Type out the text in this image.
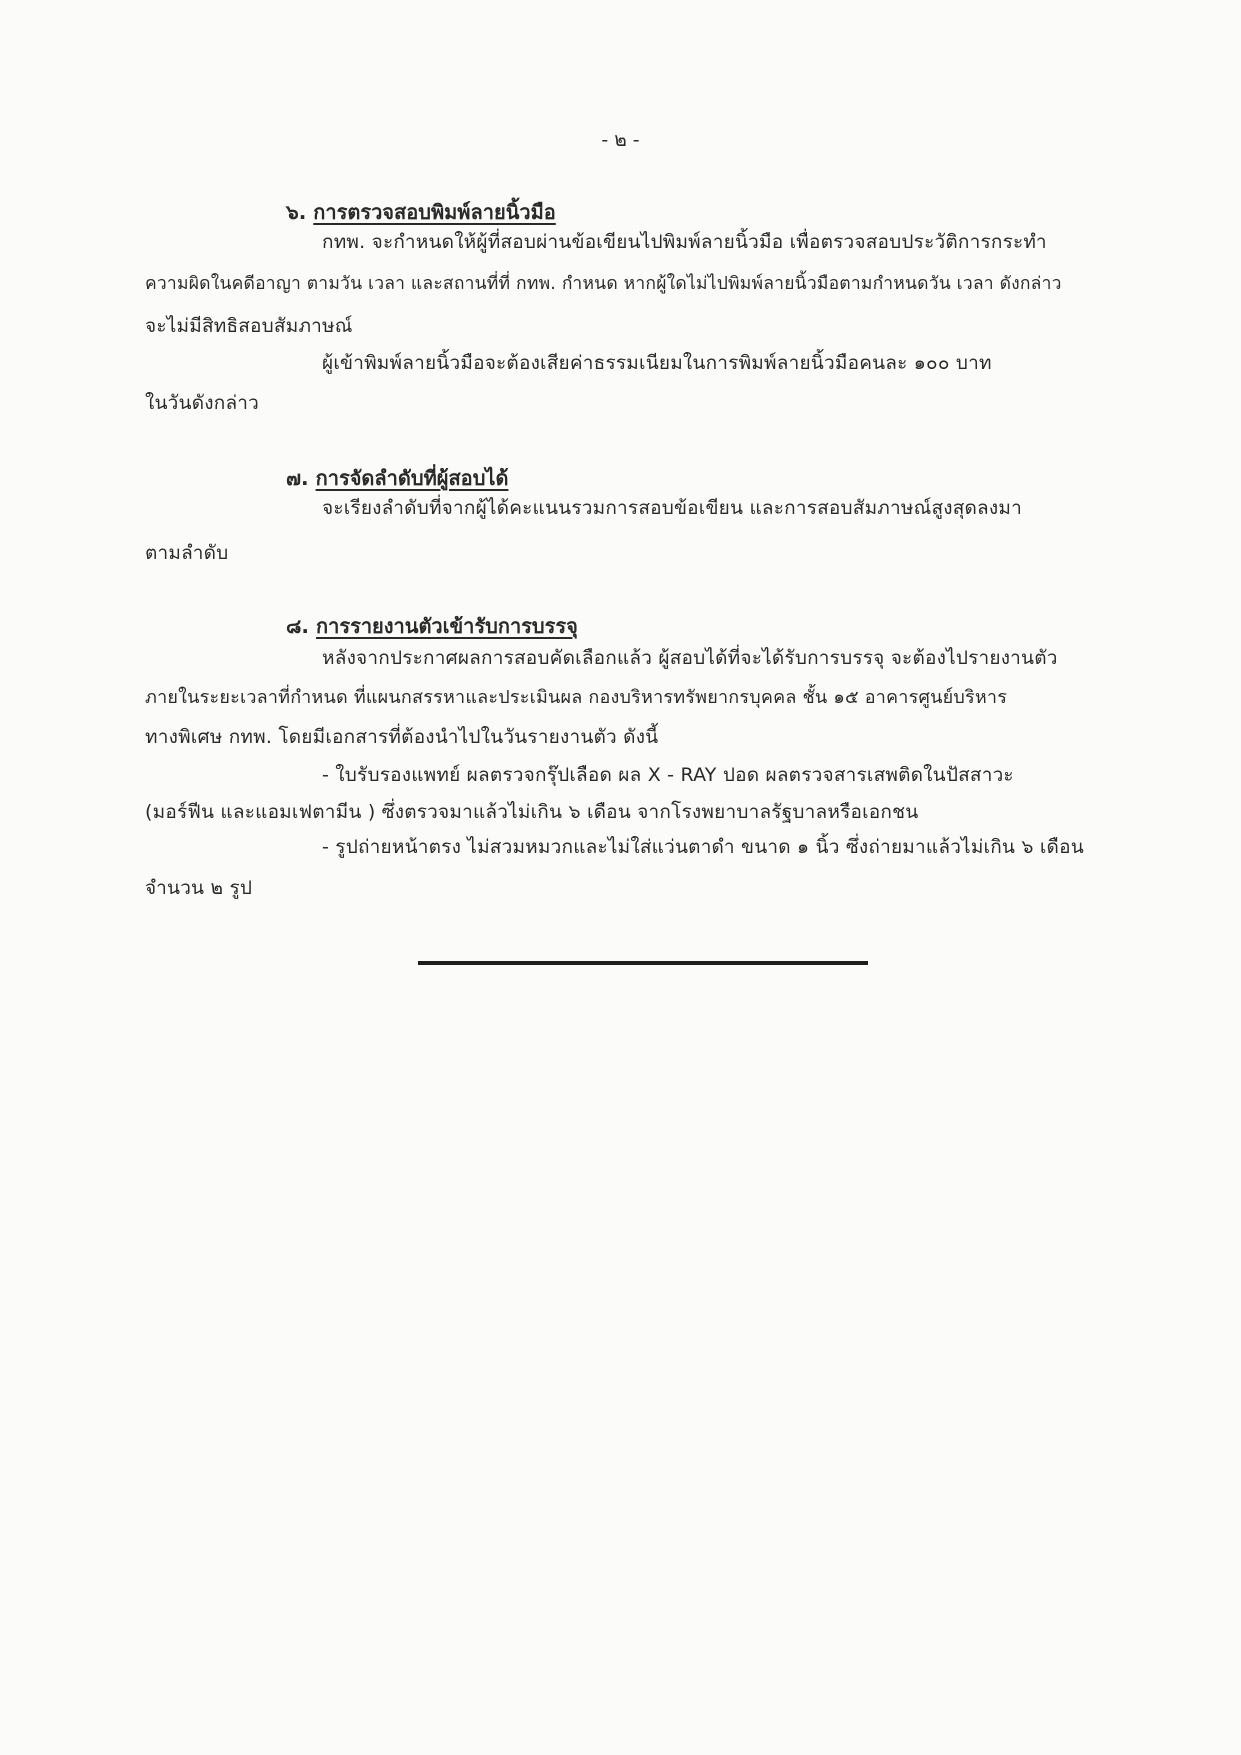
- ๒ -
๖. การตรวจสอบพิมพ์ลายนิ้วมือ
กทพ. จะกำหนดให้ผู้ที่สอบผ่านข้อเขียนไปพิมพ์ลายนิ้วมือ เพื่อตรวจสอบประวัติการกระทำ
ความผิดในคดีอาญา ตามวัน เวลา และสถานที่ที่ กทพ. กำหนด หากผู้ใดไม่ไปพิมพ์ลายนิ้วมือตามกำหนดวัน เวลา ดังกล่าว
จะไม่มีสิทธิสอบสัมภาษณ์
ผู้เข้าพิมพ์ลายนิ้วมือจะต้องเสียค่าธรรมเนียมในการพิมพ์ลายนิ้วมือคนละ ๑๐๐ บาท
ในวันดังกล่าว
๗. การจัดลำดับที่ผู้สอบได้
จะเรียงลำดับที่จากผู้ได้คะแนนรวมการสอบข้อเขียน และการสอบสัมภาษณ์สูงสุดลงมา
ตามลำดับ
๘. การรายงานตัวเข้ารับการบรรจุ
หลังจากประกาศผลการสอบคัดเลือกแล้ว ผู้สอบได้ที่จะได้รับการบรรจุ จะต้องไปรายงานตัว
ภายในระยะเวลาที่กำหนด ที่แผนกสรรหาและประเมินผล กองบริหารทรัพยากรบุคคล ชั้น ๑๕ อาคารศูนย์บริหาร
ทางพิเศษ กทพ. โดยมีเอกสารที่ต้องนำไปในวันรายงานตัว ดังนี้
- ใบรับรองแพทย์ ผลตรวจกรุ๊ปเลือด ผล X - RAY ปอด ผลตรวจสารเสพติดในปัสสาวะ
(มอร์ฟีน และแอมเฟตามีน ) ซึ่งตรวจมาแล้วไม่เกิน ๖ เดือน จากโรงพยาบาลรัฐบาลหรือเอกชน
- รูปถ่ายหน้าตรง ไม่สวมหมวกและไม่ใส่แว่นตาดำ ขนาด ๑ นิ้ว ซึ่งถ่ายมาแล้วไม่เกิน ๖ เดือน
จำนวน ๒ รูป
